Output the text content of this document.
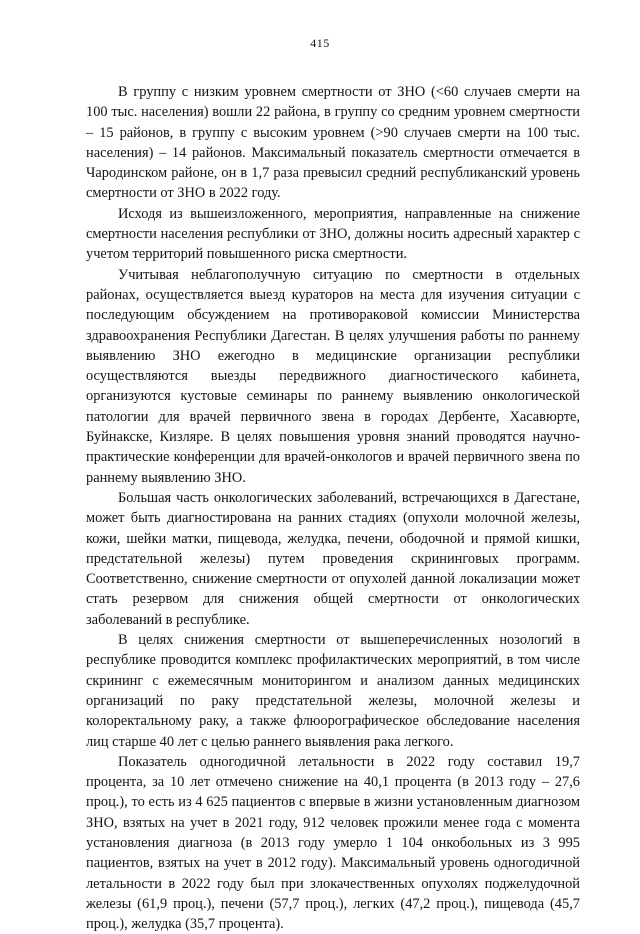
415

В группу с низким уровнем смертности от ЗНО (<60 случаев смерти на 100 тыс. населения) вошли 22 района, в группу со средним уровнем смертности – 15 районов, в группу с высоким уровнем (>90 случаев смерти на 100 тыс. населения) – 14 районов. Максимальный показатель смертности отмечается в Чародинском районе, он в 1,7 раза превысил средний республиканский уровень смертности от ЗНО в 2022 году.

Исходя из вышеизложенного, мероприятия, направленные на снижение смертности населения республики от ЗНО, должны носить адресный характер с учетом территорий повышенного риска смертности.

Учитывая неблагополучную ситуацию по смертности в отдельных районах, осуществляется выезд кураторов на места для изучения ситуации с последующим обсуждением на противораковой комиссии Министерства здравоохранения Республики Дагестан. В целях улучшения работы по раннему выявлению ЗНО ежегодно в медицинские организации республики осуществляются выезды передвижного диагностического кабинета, организуются кустовые семинары по раннему выявлению онкологической патологии для врачей первичного звена в городах Дербенте, Хасавюрте, Буйнакске, Кизляре. В целях повышения уровня знаний проводятся научно-практические конференции для врачей-онкологов и врачей первичного звена по раннему выявлению ЗНО.

Большая часть онкологических заболеваний, встречающихся в Дагестане, может быть диагностирована на ранних стадиях (опухоли молочной железы, кожи, шейки матки, пищевода, желудка, печени, ободочной и прямой кишки, предстательной железы) путем проведения скрининговых программ. Соответственно, снижение смертности от опухолей данной локализации может стать резервом для снижения общей смертности от онкологических заболеваний в республике.

В целях снижения смертности от вышеперечисленных нозологий в республике проводится комплекс профилактических мероприятий, в том числе скрининг с ежемесячным мониторингом и анализом данных медицинских организаций по раку предстательной железы, молочной железы и колоректальному раку, а также флюорографическое обследование населения лиц старше 40 лет с целью раннего выявления рака легкого.

Показатель одногодичной летальности в 2022 году составил 19,7 процента, за 10 лет отмечено снижение на 40,1 процента (в 2013 году – 27,6 проц.), то есть из 4 625 пациентов с впервые в жизни установленным диагнозом ЗНО, взятых на учет в 2021 году, 912 человек прожили менее года с момента установления диагноза (в 2013 году умерло 1 104 онкобольных из 3 995 пациентов, взятых на учет в 2012 году). Максимальный уровень одногодичной летальности в 2022 году был при злокачественных опухолях поджелудочной железы (61,9 проц.), печени (57,7 проц.), легких (47,2 проц.), пищевода (45,7 проц.), желудка (35,7 процента).
